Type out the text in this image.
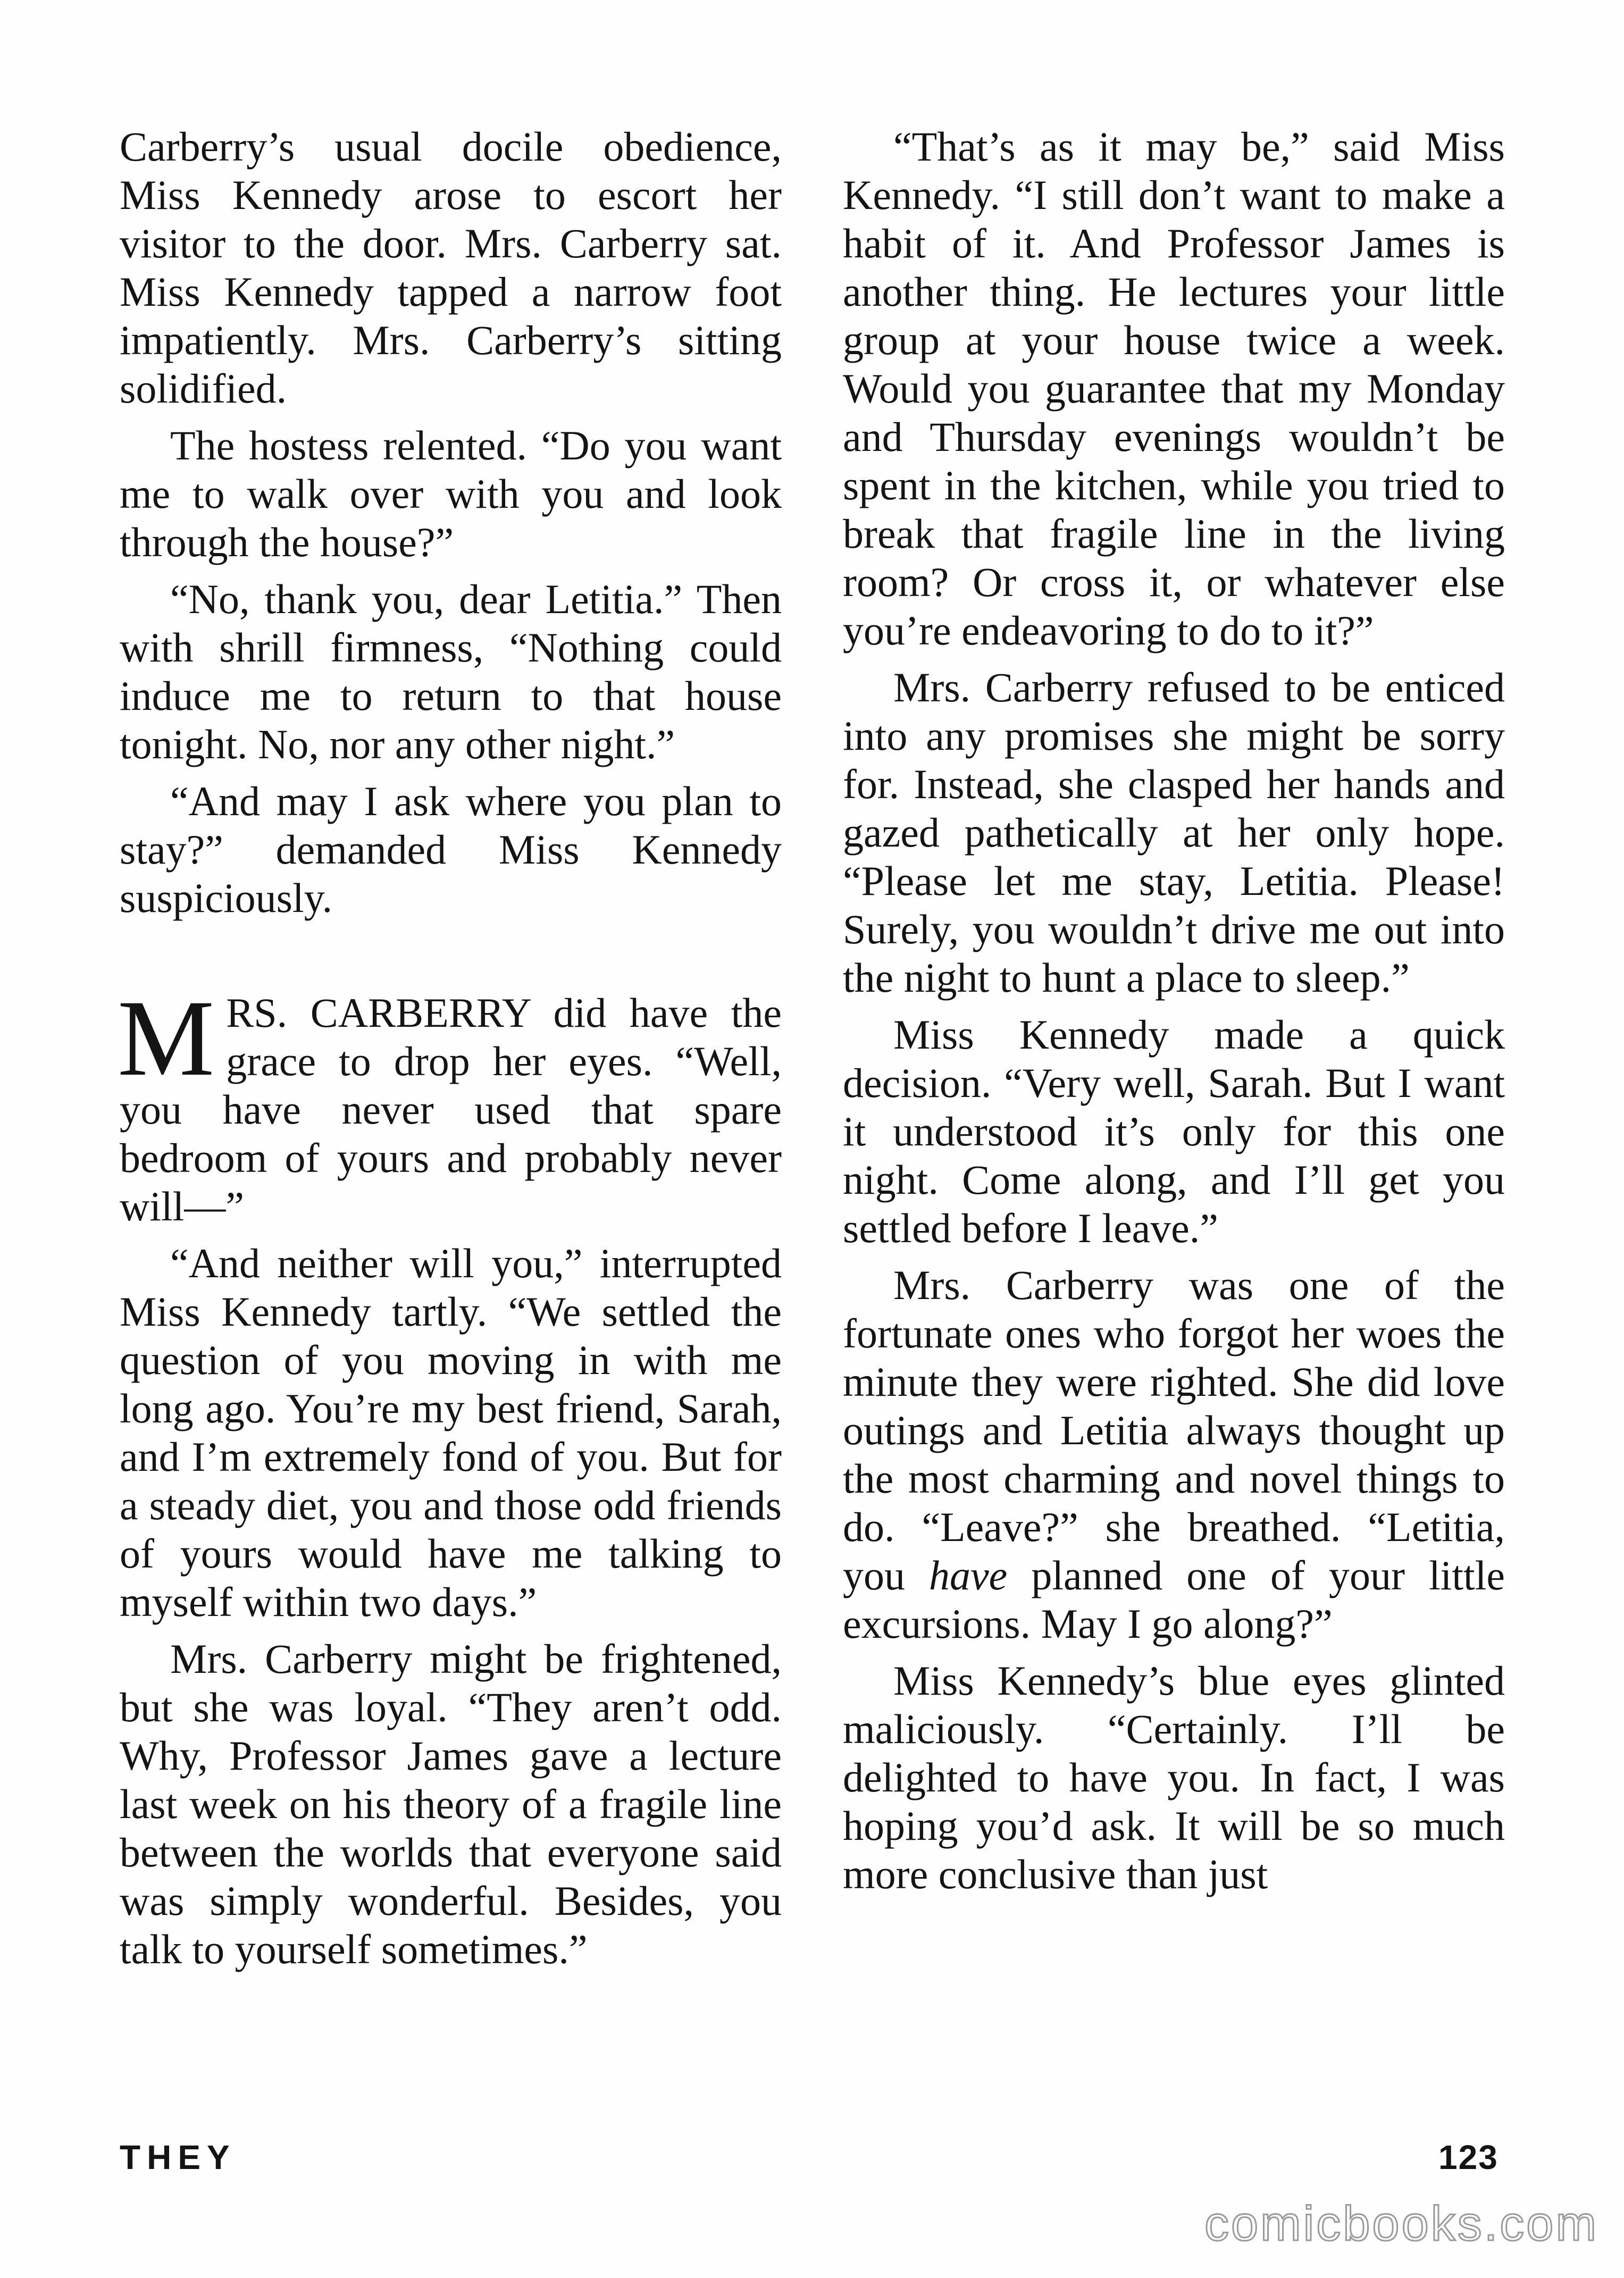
Carberry’s usual docile obedience, Miss Kennedy arose to escort her visitor to the door. Mrs. Carberry sat. Miss Kennedy tapped a narrow foot impatiently. Mrs. Carberry’s sitting solidified.

The hostess relented. “Do you want me to walk over with you and look through the house?”

“No, thank you, dear Letitia.” Then with shrill firmness, “Nothing could induce me to return to that house tonight. No, nor any other night.”

“And may I ask where you plan to stay?” demanded Miss Kennedy suspiciously.

MRS. CARBERRY did have the grace to drop her eyes. “Well, you have never used that spare bedroom of yours and probably never will—”

“And neither will you,” interrupted Miss Kennedy tartly. “We settled the question of you moving in with me long ago. You’re my best friend, Sarah, and I’m extremely fond of you. But for a steady diet, you and those odd friends of yours would have me talking to myself within two days.”

Mrs. Carberry might be frightened, but she was loyal. “They aren’t odd. Why, Professor James gave a lecture last week on his theory of a fragile line between the worlds that everyone said was simply wonderful. Besides, you talk to yourself sometimes.”

“That’s as it may be,” said Miss Kennedy. “I still don’t want to make a habit of it. And Professor James is another thing. He lectures your little group at your house twice a week. Would you guarantee that my Monday and Thursday evenings wouldn’t be spent in the kitchen, while you tried to break that fragile line in the living room? Or cross it, or whatever else you’re endeavoring to do to it?”

Mrs. Carberry refused to be enticed into any promises she might be sorry for. Instead, she clasped her hands and gazed pathetically at her only hope. “Please let me stay, Letitia. Please! Surely, you wouldn’t drive me out into the night to hunt a place to sleep.”

Miss Kennedy made a quick decision. “Very well, Sarah. But I want it understood it’s only for this one night. Come along, and I’ll get you settled before I leave.”

Mrs. Carberry was one of the fortunate ones who forgot her woes the minute they were righted. She did love outings and Letitia always thought up the most charming and novel things to do. “Leave?” she breathed. “Letitia, you have planned one of your little excursions. May I go along?”

Miss Kennedy’s blue eyes glinted maliciously. “Certainly. I’ll be delighted to have you. In fact, I was hoping you’d ask. It will be so much more conclusive than just

THEY	123
comicbooks.com
